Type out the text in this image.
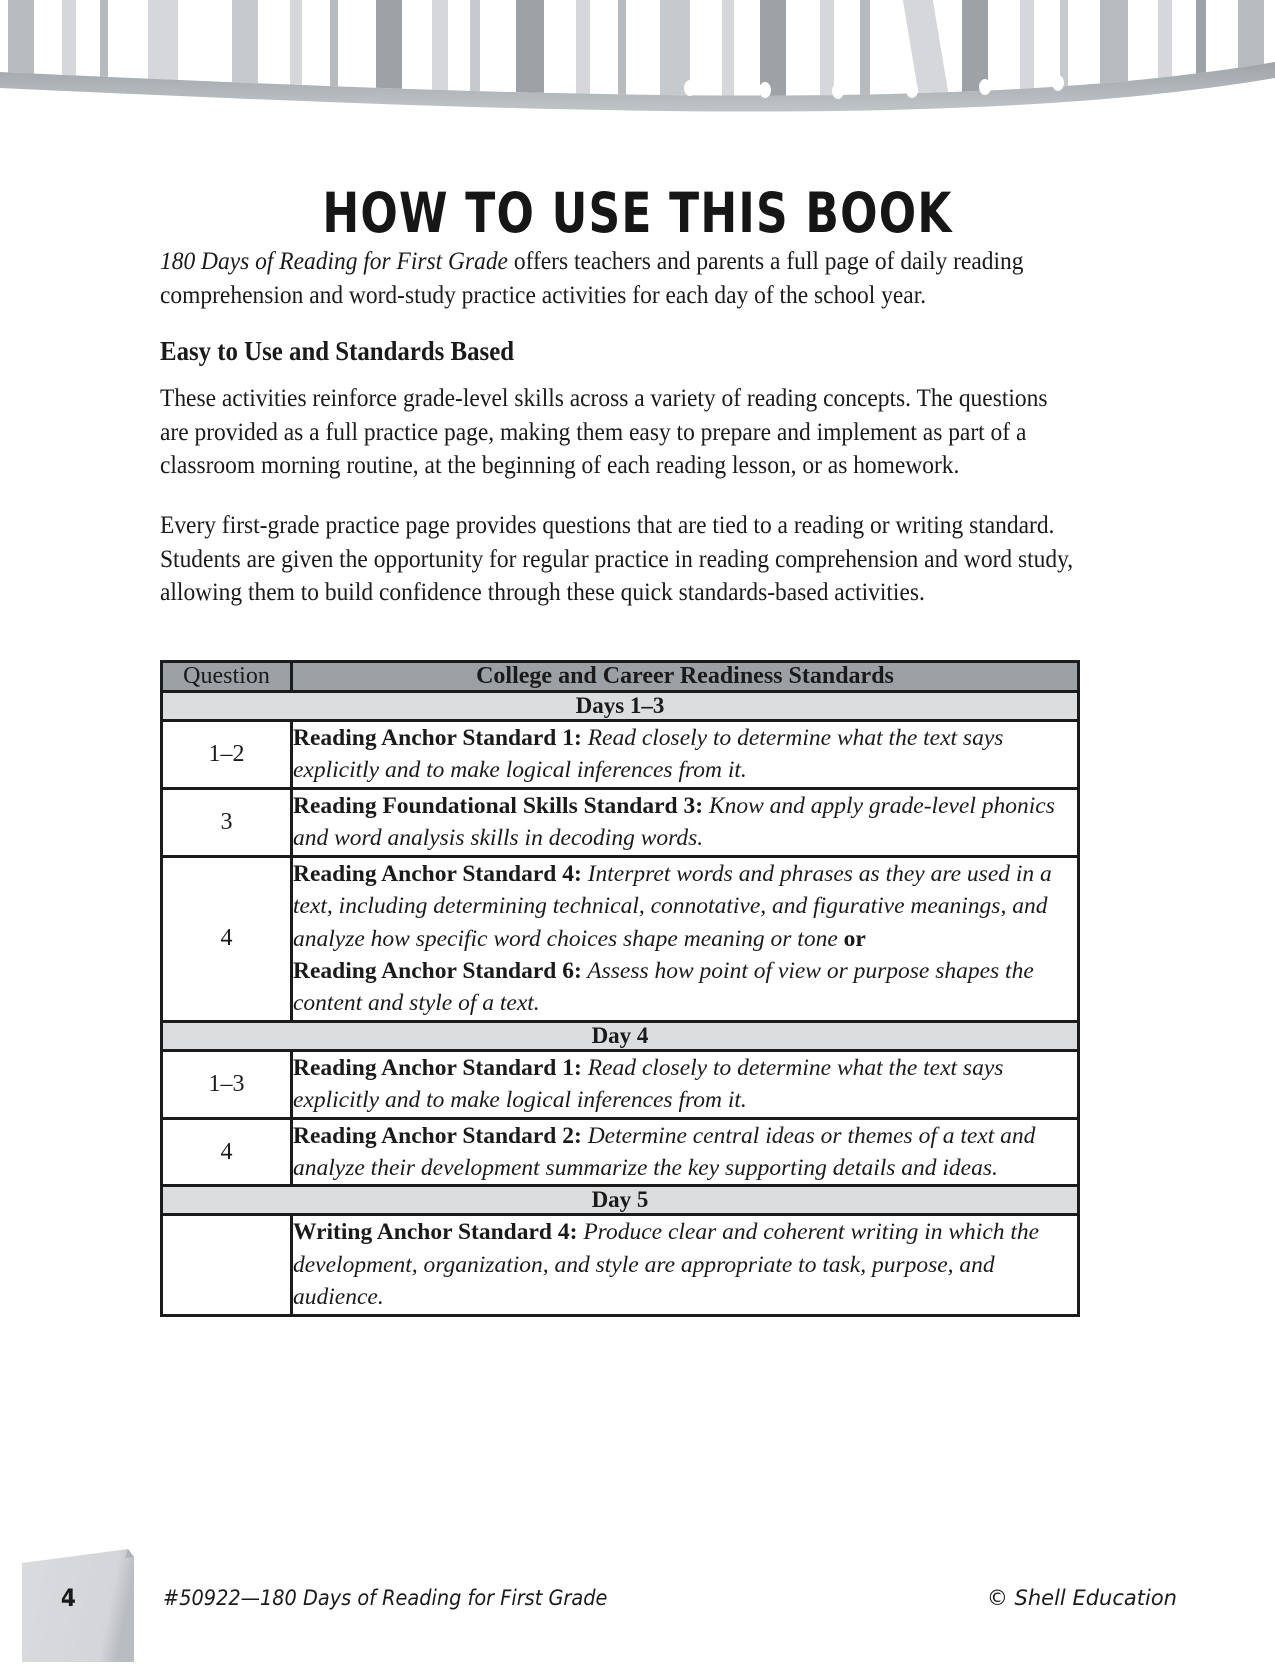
HOW TO USE THIS BOOK

180 Days of Reading for First Grade offers teachers and parents a full page of daily reading comprehension and word-study practice activities for each day of the school year.

Easy to Use and Standards Based

These activities reinforce grade-level skills across a variety of reading concepts. The questions are provided as a full practice page, making them easy to prepare and implement as part of a classroom morning routine, at the beginning of each reading lesson, or as homework.

Every first-grade practice page provides questions that are tied to a reading or writing standard. Students are given the opportunity for regular practice in reading comprehension and word study, allowing them to build confidence through these quick standards-based activities.

Question	College and Career Readiness Standards
Days 1–3	
1–2	Reading Anchor Standard 1: Read closely to determine what the text says explicitly and to make logical inferences from it.
3	Reading Foundational Skills Standard 3: Know and apply grade-level phonics and word analysis skills in decoding words.
4	Reading Anchor Standard 4: Interpret words and phrases as they are used in a text, including determining technical, connotative, and figurative meanings, and analyze how specific word choices shape meaning or tone or
Reading Anchor Standard 6: Assess how point of view or purpose shapes the content and style of a text.
Day 4	
1–3	Reading Anchor Standard 1: Read closely to determine what the text says explicitly and to make logical inferences from it.
4	Reading Anchor Standard 2: Determine central ideas or themes of a text and analyze their development summarize the key supporting details and ideas.
Day 5	
	Writing Anchor Standard 4: Produce clear and coherent writing in which the development, organization, and style are appropriate to task, purpose, and audience.
4	#50922—180 Days of Reading for First Grade	© Shell Education
